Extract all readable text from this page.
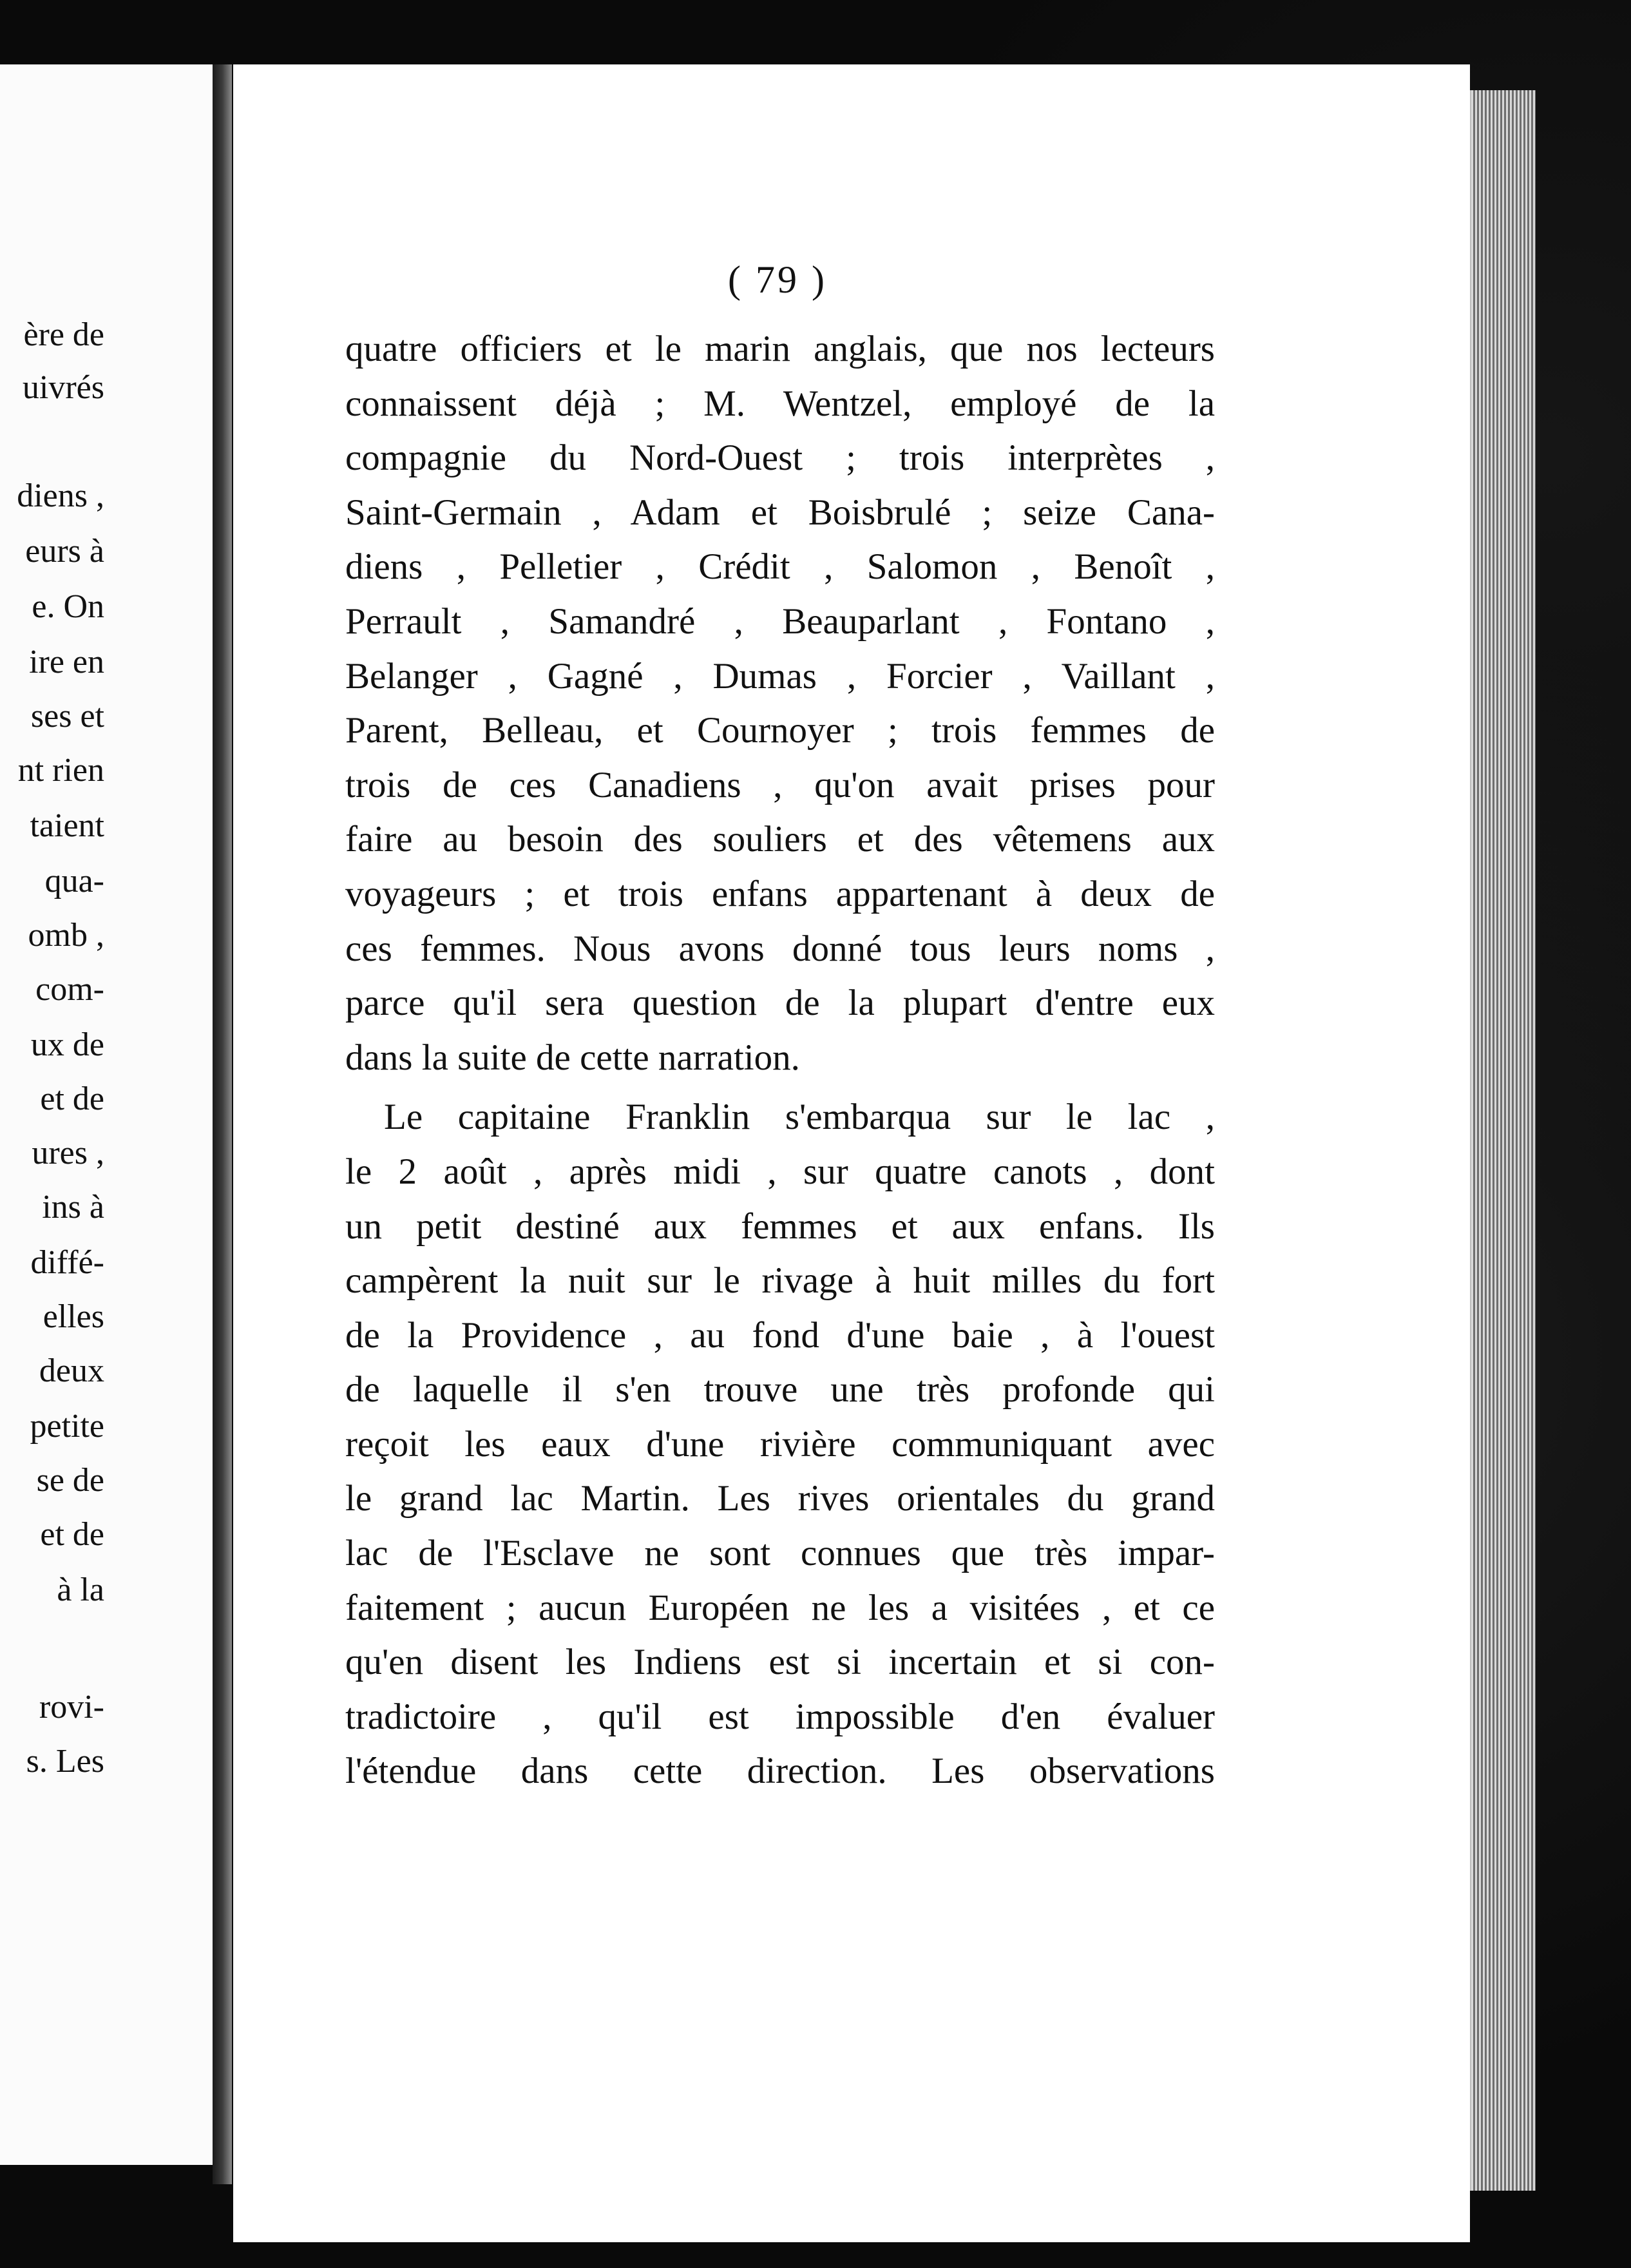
ère de
uivrés
diens ,
eurs à
e. On
ire en
ses et
nt rien
taient
qua-
omb ,
com-
ux de
et de
ures ,
ins à
diffé-
elles
deux
petite
se de
et de
à la
rovi-
s. Les
( 79 )
quatre officiers et le marin anglais, que nos lecteurs
connaissent déjà ; M. Wentzel, employé de la
compagnie du Nord-Ouest ; trois interprètes ,
Saint-Germain , Adam et Boisbrulé ; seize Cana-
diens , Pelletier , Crédit , Salomon , Benoît ,
Perrault , Samandré , Beauparlant , Fontano ,
Belanger , Gagné , Dumas , Forcier , Vaillant ,
Parent, Belleau, et Cournoyer ; trois femmes de
trois de ces Canadiens , qu'on avait prises pour
faire au besoin des souliers et des vêtemens aux
voyageurs ; et trois enfans appartenant à deux de
ces femmes. Nous avons donné tous leurs noms ,
parce qu'il sera question de la plupart d'entre eux
dans la suite de cette narration.
Le capitaine Franklin s'embarqua sur le lac ,
le 2 août , après midi , sur quatre canots , dont
un petit destiné aux femmes et aux enfans. Ils
campèrent la nuit sur le rivage à huit milles du fort
de la Providence , au fond d'une baie , à l'ouest
de laquelle il s'en trouve une très profonde qui
reçoit les eaux d'une rivière communiquant avec
le grand lac Martin. Les rives orientales du grand
lac de l'Esclave ne sont connues que très impar-
faitement ; aucun Européen ne les a visitées , et ce
qu'en disent les Indiens est si incertain et si con-
tradictoire , qu'il est impossible d'en évaluer
l'étendue dans cette direction. Les observations
